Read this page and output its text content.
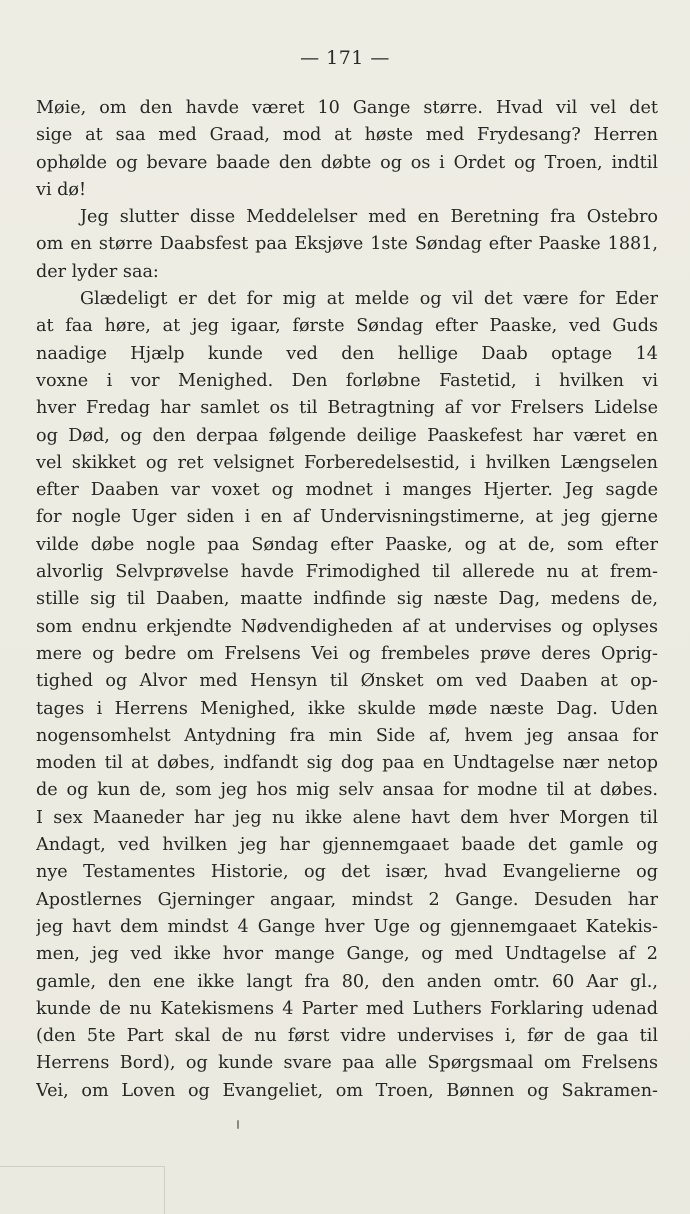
— 171 —
Møie, om den havde været 10 Gange større. Hvad vil vel det
sige at saa med Graad, mod at høste med Frydesang? Herren
ophølde og bevare baade den døbte og os i Ordet og Troen, indtil
vi dø!
Jeg slutter disse Meddelelser med en Beretning fra Ostebro
om en større Daabsfest paa Eksjøve 1ste Søndag efter Paaske 1881,
der lyder saa:
Glædeligt er det for mig at melde og vil det være for Eder
at faa høre, at jeg igaar, første Søndag efter Paaske, ved Guds
naadige Hjælp kunde ved den hellige Daab optage 14
voxne i vor Menighed. Den forløbne Fastetid, i hvilken vi
hver Fredag har samlet os til Betragtning af vor Frelsers Lidelse
og Død, og den derpaa følgende deilige Paaskefest har været en
vel skikket og ret velsignet Forberedelsestid, i hvilken Længselen
efter Daaben var voxet og modnet i manges Hjerter. Jeg sagde
for nogle Uger siden i en af Undervisningstimerne, at jeg gjerne
vilde døbe nogle paa Søndag efter Paaske, og at de, som efter
alvorlig Selvprøvelse havde Frimodighed til allerede nu at frem-
stille sig til Daaben, maatte indfinde sig næste Dag, medens de,
som endnu erkjendte Nødvendigheden af at undervises og oplyses
mere og bedre om Frelsens Vei og frembeles prøve deres Oprig-
tighed og Alvor med Hensyn til Ønsket om ved Daaben at op-
tages i Herrens Menighed, ikke skulde møde næste Dag. Uden
nogensomhelst Antydning fra min Side af, hvem jeg ansaa for
moden til at døbes, indfandt sig dog paa en Undtagelse nær netop
de og kun de, som jeg hos mig selv ansaa for modne til at døbes.
I sex Maaneder har jeg nu ikke alene havt dem hver Morgen til
Andagt, ved hvilken jeg har gjennemgaaet baade det gamle og
nye Testamentes Historie, og det især, hvad Evangelierne og
Apostlernes Gjerninger angaar, mindst 2 Gange. Desuden har
jeg havt dem mindst 4 Gange hver Uge og gjennemgaaet Katekis-
men, jeg ved ikke hvor mange Gange, og med Undtagelse af 2
gamle, den ene ikke langt fra 80, den anden omtr. 60 Aar gl.,
kunde de nu Katekismens 4 Parter med Luthers Forklaring udenad
(den 5te Part skal de nu først vidre undervises i, før de gaa til
Herrens Bord), og kunde svare paa alle Spørgsmaal om Frelsens
Vei, om Loven og Evangeliet, om Troen, Bønnen og Sakramen-
